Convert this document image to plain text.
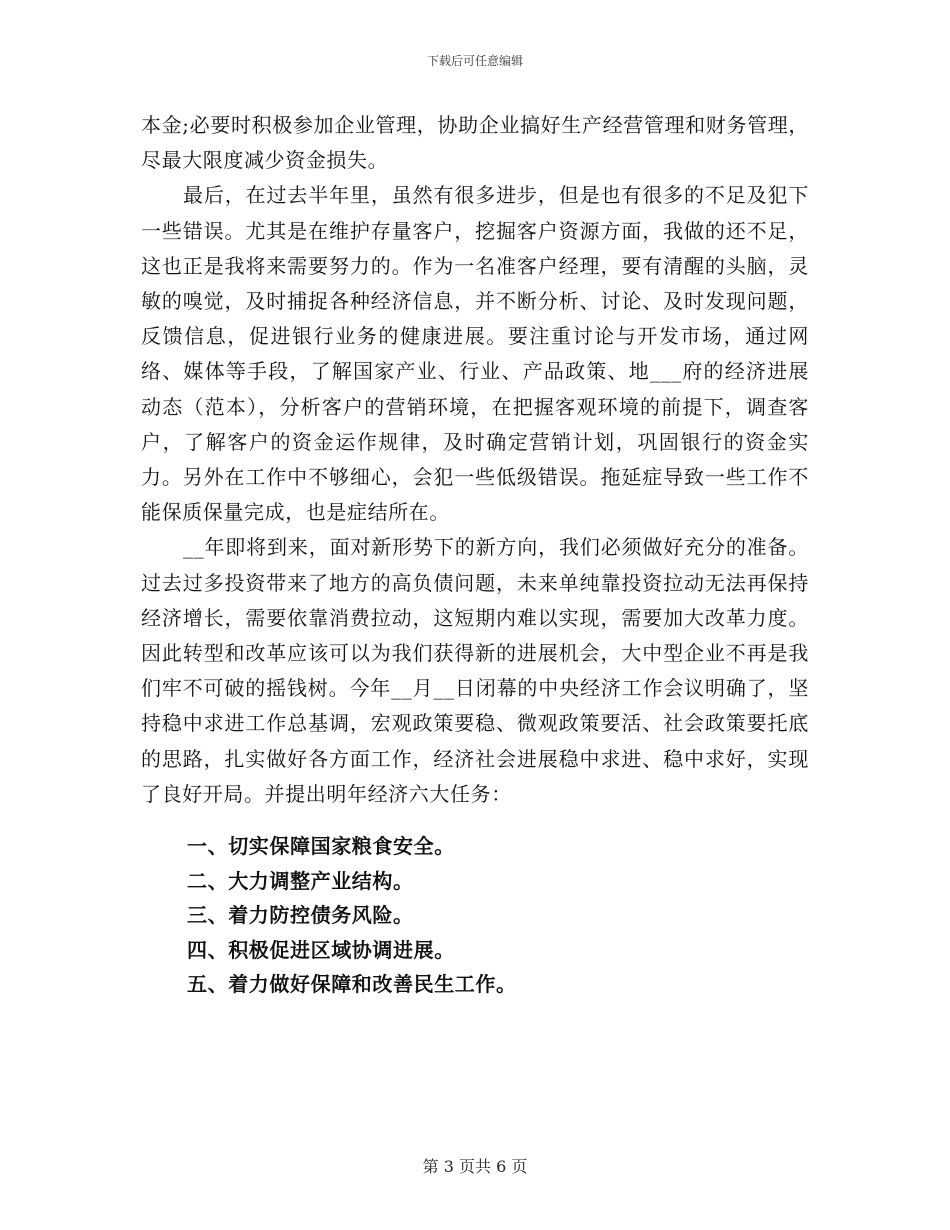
下载后可任意编辑

本金;必要时积极参加企业管理，协助企业搞好生产经营管理和财务管理，尽最大限度减少资金损失。

最后，在过去半年里，虽然有很多进步，但是也有很多的不足及犯下一些错误。尤其是在维护存量客户，挖掘客户资源方面，我做的还不足，这也正是我将来需要努力的。作为一名准客户经理，要有清醒的头脑，灵敏的嗅觉，及时捕捉各种经济信息，并不断分析、讨论、及时发现问题，反馈信息，促进银行业务的健康进展。要注重讨论与开发市场，通过网络、媒体等手段，了解国家产业、行业、产品政策、地___府的经济进展动态（范本），分析客户的营销环境，在把握客观环境的前提下，调查客户，了解客户的资金运作规律，及时确定营销计划，巩固银行的资金实力。另外在工作中不够细心，会犯一些低级错误。拖延症导致一些工作不能保质保量完成，也是症结所在。

__年即将到来，面对新形势下的新方向，我们必须做好充分的准备。过去过多投资带来了地方的高负债问题，未来单纯靠投资拉动无法再保持经济增长，需要依靠消费拉动，这短期内难以实现，需要加大改革力度。因此转型和改革应该可以为我们获得新的进展机会，大中型企业不再是我们牢不可破的摇钱树。今年__月__日闭幕的中央经济工作会议明确了，坚持稳中求进工作总基调，宏观政策要稳、微观政策要活、社会政策要托底的思路，扎实做好各方面工作，经济社会进展稳中求进、稳中求好，实现了良好开局。并提出明年经济六大任务：

一、切实保障国家粮食安全。
二、大力调整产业结构。
三、着力防控债务风险。
四、积极促进区域协调进展。
五、着力做好保障和改善民生工作。
第 3 页共 6 页
